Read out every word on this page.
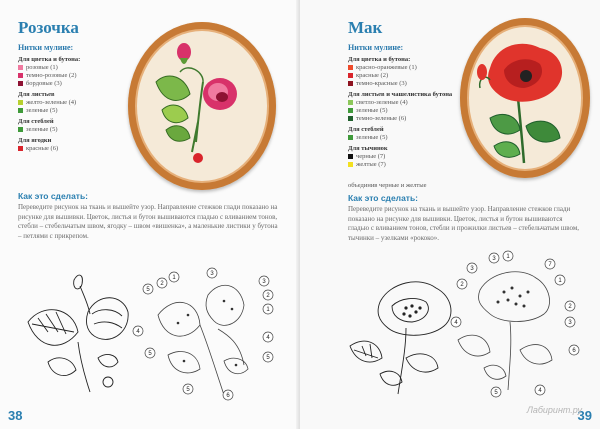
Розочка
Нитки мулине:
Для цветка и бутона:
розовые (1)
темно-розовые (2)
бордовые (3)
Для листьев
желто-зеленые (4)
зеленые (5)
Для стеблей
зеленые (5)
Для ягодки
красные (6)
Как это сделать:
Переведите рисунок на ткань и вышейте узор. Направление стежков глади показано на рисунке для вышивки. Цветок, листья и бутон вышиваются гладью с вливанием тонов, стебли – стебельчатым швом, ягодку – швом «вишенка», а маленькие листики у бутона – петлями с прикрепом.
5
2
1
3
3
2
1
4
5
4
5
6
5
38
Мак
Нитки мулине:
Для цветка и бутона:
красно-оранжевые (1)
красные (2)
темно-красные (3)
Для листьев и чашелистика бутона
светло-зеленые (4)
зеленые (5)
темно-зеленые (6)
Для стеблей
зеленые (5)
Для тычинок
черные (7)
желтые (7)
объединив черные и желтые
Как это сделать:
Переведите рисунок на ткань и вышейте узор. Направление стежков глади показано на рисунке для вышивки. Цветок, листья и бутон вышиваются гладью с вливанием тонов, стебли и прожилки листьев – стебельчатым швом, тычинки – узелками «рококо».
3 1
3
2
7
1
2
3
4
6
4
5
39
Лабиринт.ру
